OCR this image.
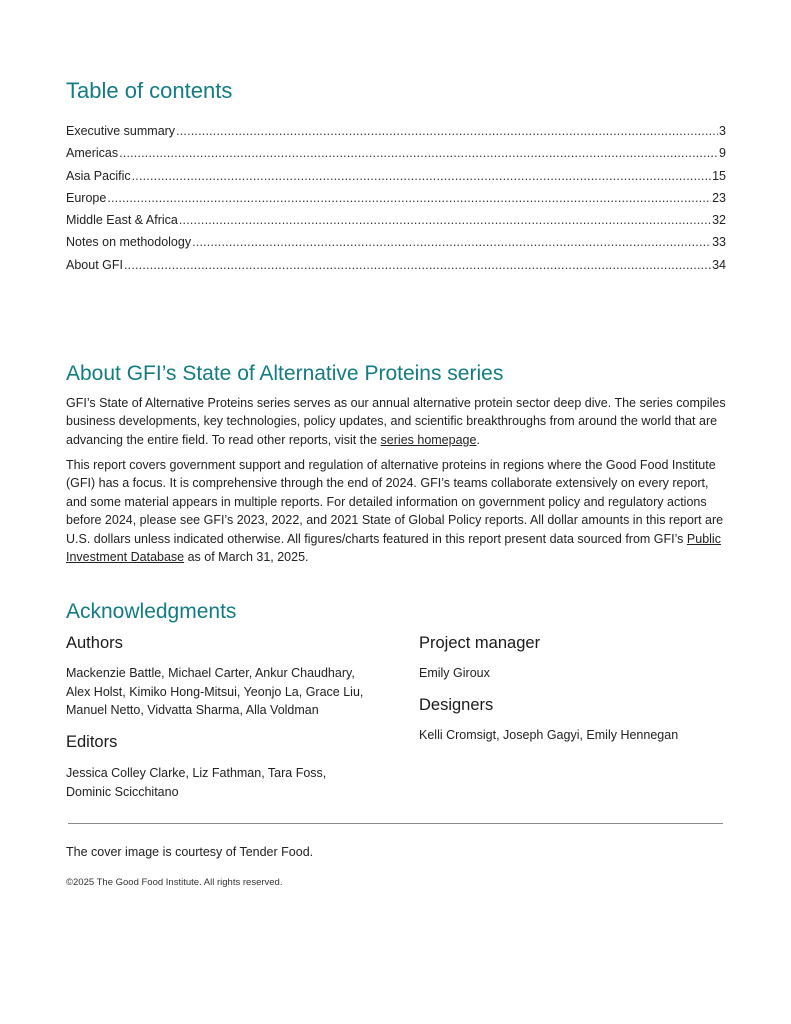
Table of contents
Executive summary .....	3
Americas .....	9
Asia Pacific .....	15
Europe .....	23
Middle East & Africa .....	32
Notes on methodology .....	33
About GFI .....	34
About GFI’s State of Alternative Proteins series

GFI’s State of Alternative Proteins series serves as our annual alternative protein sector deep dive. The series compiles business developments, key technologies, policy updates, and scientific breakthroughs from around the world that are advancing the entire field. To read other reports, visit the series homepage.

This report covers government support and regulation of alternative proteins in regions where the Good Food Institute (GFI) has a focus. It is comprehensive through the end of 2024. GFI’s teams collaborate extensively on every report, and some material appears in multiple reports. For detailed information on government policy and regulatory actions before 2024, please see GFI’s 2023, 2022, and 2021 State of Global Policy reports. All dollar amounts in this report are U.S. dollars unless indicated otherwise. All figures/charts featured in this report present data sourced from GFI’s Public Investment Database as of March 31, 2025.

Acknowledgments
Authors
Mackenzie Battle, Michael Carter, Ankur Chaudhary,
Alex Holst, Kimiko Hong-Mitsui, Yeonjo La, Grace Liu,
Manuel Netto, Vidvatta Sharma, Alla Voldman
Editors
Jessica Colley Clarke, Liz Fathman, Tara Foss,
Dominic Scicchitano
Project manager
Emily Giroux
Designers
Kelli Cromsigt, Joseph Gagyi, Emily Hennegan

The cover image is courtesy of Tender Food.

©2025 The Good Food Institute. All rights reserved.
